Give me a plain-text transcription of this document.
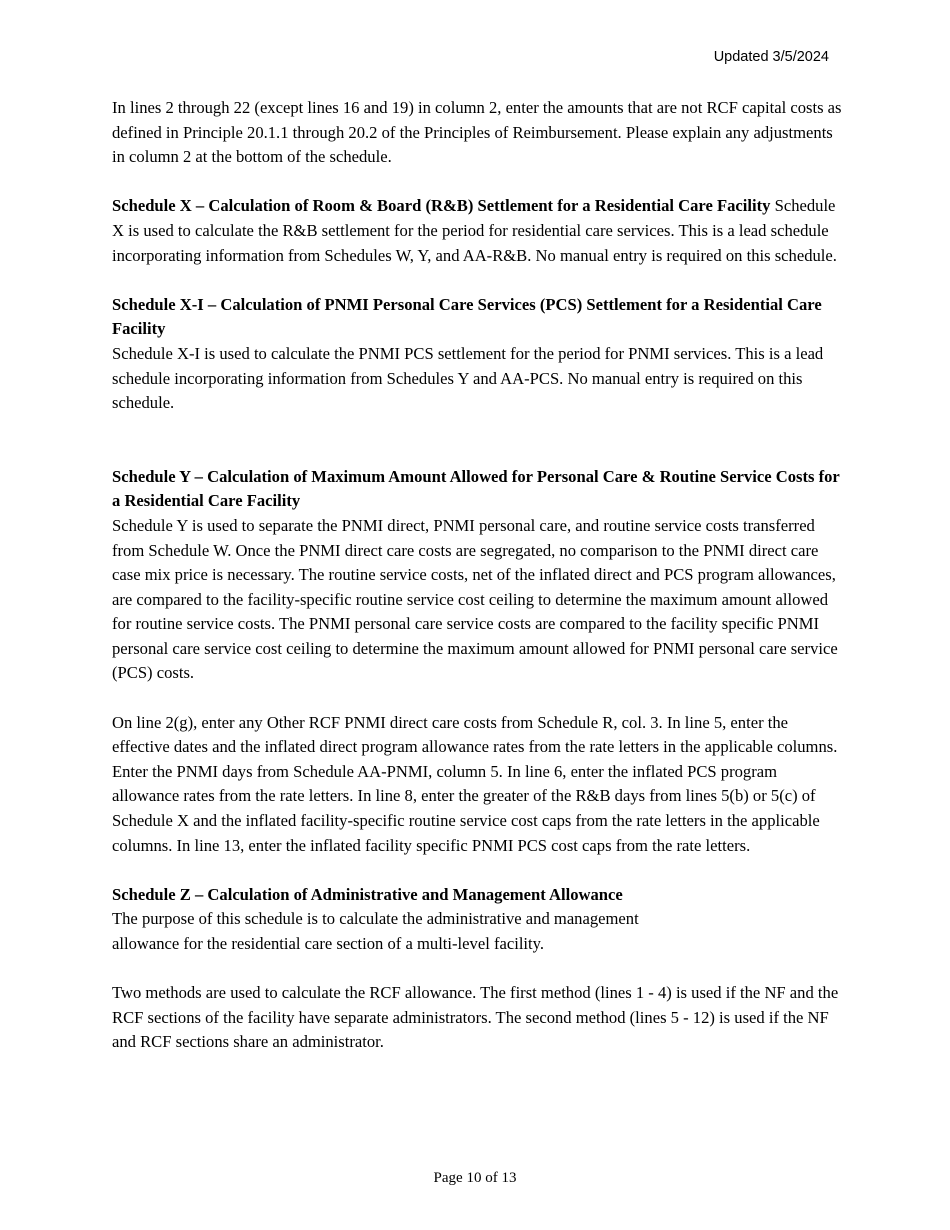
Updated 3/5/2024

In lines 2 through 22 (except lines 16 and 19) in column 2, enter the amounts that are not RCF capital costs as defined in Principle 20.1.1 through 20.2 of the Principles of Reimbursement. Please explain any adjustments in column 2 at the bottom of the schedule.

Schedule X – Calculation of Room & Board (R&B) Settlement for a Residential Care Facility Schedule X is used to calculate the R&B settlement for the period for residential care services. This is a lead schedule incorporating information from Schedules W, Y, and AA-R&B. No manual entry is required on this schedule.

Schedule X-I – Calculation of PNMI Personal Care Services (PCS) Settlement for a Residential Care Facility
Schedule X-I is used to calculate the PNMI PCS settlement for the period for PNMI services. This is a lead schedule incorporating information from Schedules Y and AA-PCS. No manual entry is required on this schedule.

Schedule Y – Calculation of Maximum Amount Allowed for Personal Care & Routine Service Costs for a Residential Care Facility
Schedule Y is used to separate the PNMI direct, PNMI personal care, and routine service costs transferred from Schedule W. Once the PNMI direct care costs are segregated, no comparison to the PNMI direct care case mix price is necessary. The routine service costs, net of the inflated direct and PCS program allowances, are compared to the facility-specific routine service cost ceiling to determine the maximum amount allowed for routine service costs. The PNMI personal care service costs are compared to the facility specific PNMI personal care service cost ceiling to determine the maximum amount allowed for PNMI personal care service (PCS) costs.

On line 2(g), enter any Other RCF PNMI direct care costs from Schedule R, col. 3. In line 5, enter the effective dates and the inflated direct program allowance rates from the rate letters in the applicable columns. Enter the PNMI days from Schedule AA-PNMI, column 5. In line 6, enter the inflated PCS program allowance rates from the rate letters. In line 8, enter the greater of the R&B days from lines 5(b) or 5(c) of Schedule X and the inflated facility-specific routine service cost caps from the rate letters in the applicable columns. In line 13, enter the inflated facility specific PNMI PCS cost caps from the rate letters.

Schedule Z – Calculation of Administrative and Management Allowance
The purpose of this schedule is to calculate the administrative and management
allowance for the residential care section of a multi-level facility.

Two methods are used to calculate the RCF allowance. The first method (lines 1 - 4) is used if the NF and the RCF sections of the facility have separate administrators. The second method (lines 5 - 12) is used if the NF and RCF sections share an administrator.

Page 10 of 13
